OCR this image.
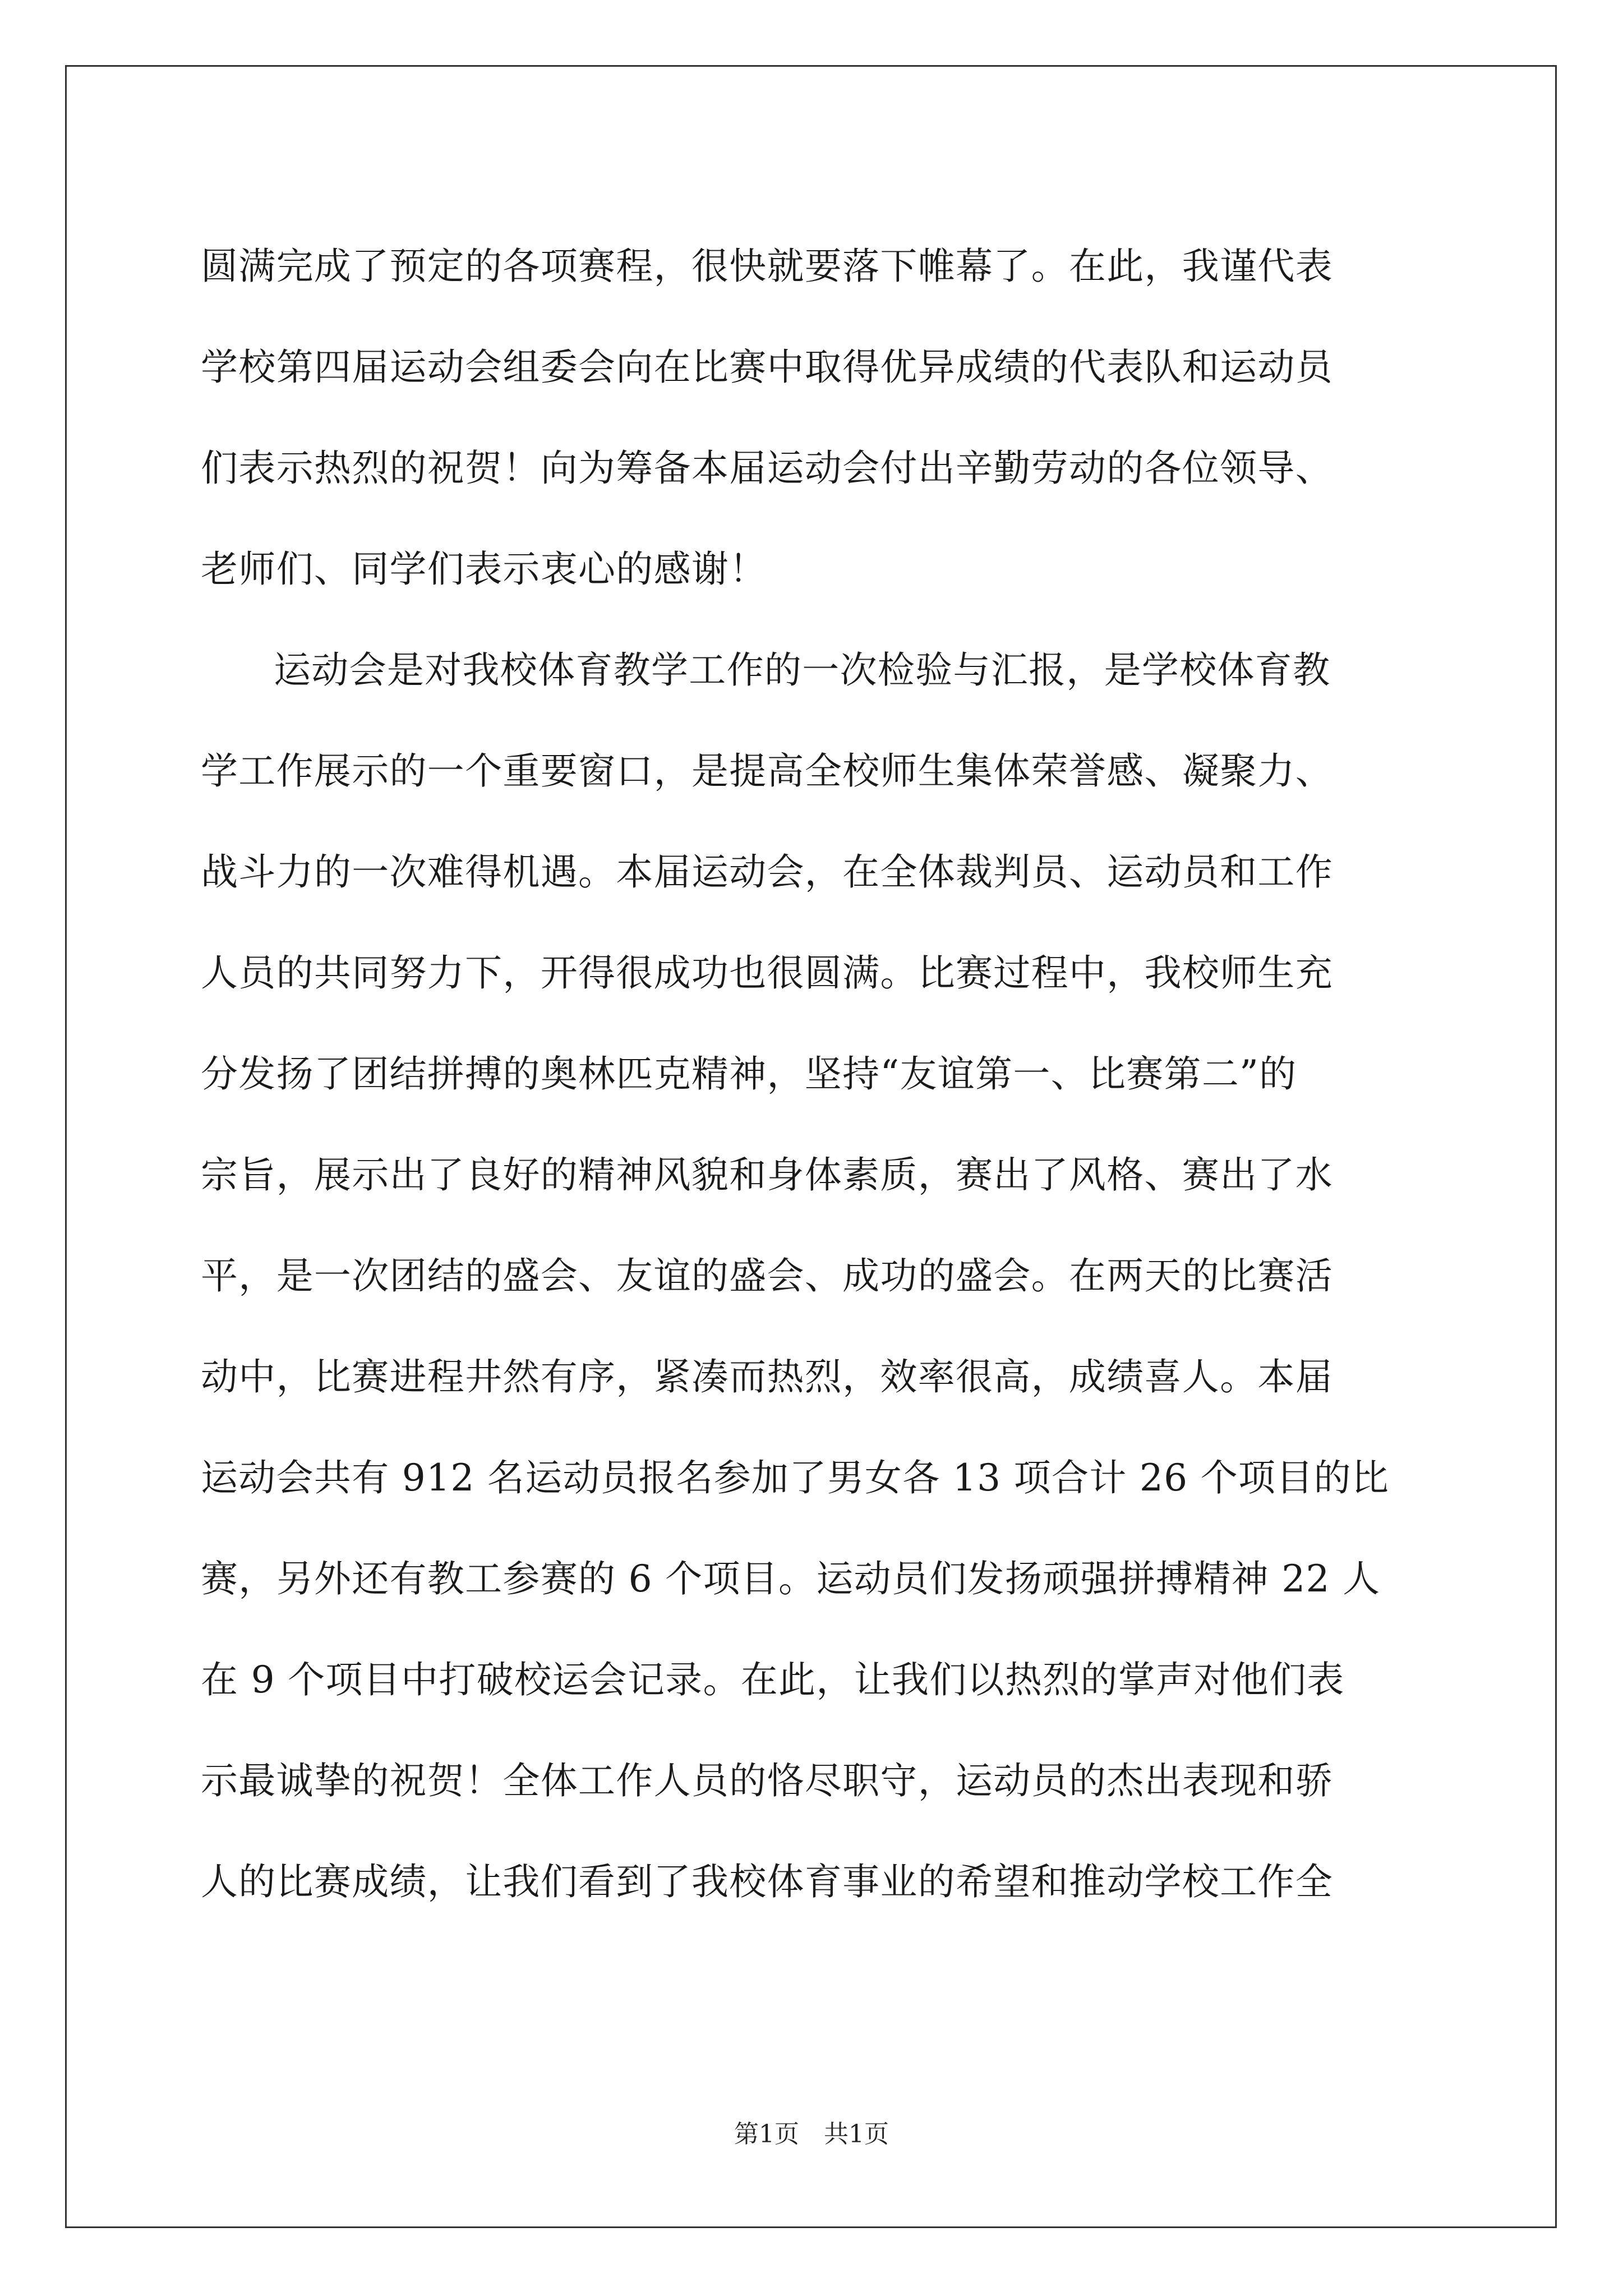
圆满完成了预定的各项赛程，很快就要落下帷幕了。在此，我谨代表
学校第四届运动会组委会向在比赛中取得优异成绩的代表队和运动员
们表示热烈的祝贺！向为筹备本届运动会付出辛勤劳动的各位领导、
老师们、同学们表示衷心的感谢！
运动会是对我校体育教学工作的一次检验与汇报，是学校体育教
学工作展示的一个重要窗口，是提高全校师生集体荣誉感、凝聚力、
战斗力的一次难得机遇。本届运动会，在全体裁判员、运动员和工作
人员的共同努力下，开得很成功也很圆满。比赛过程中，我校师生充
分发扬了团结拼搏的奥林匹克精神，坚持“友谊第一、比赛第二”的
宗旨，展示出了良好的精神风貌和身体素质，赛出了风格、赛出了水
平，是一次团结的盛会、友谊的盛会、成功的盛会。在两天的比赛活
动中，比赛进程井然有序，紧凑而热烈，效率很高，成绩喜人。本届
运动会共有 912 名运动员报名参加了男女各 13 项合计 26 个项目的比
赛，另外还有教工参赛的 6 个项目。运动员们发扬顽强拼搏精神 22 人
在 9 个项目中打破校运会记录。在此，让我们以热烈的掌声对他们表
示最诚挚的祝贺！全体工作人员的恪尽职守，运动员的杰出表现和骄
人的比赛成绩，让我们看到了我校体育事业的希望和推动学校工作全
第1页　共1页
